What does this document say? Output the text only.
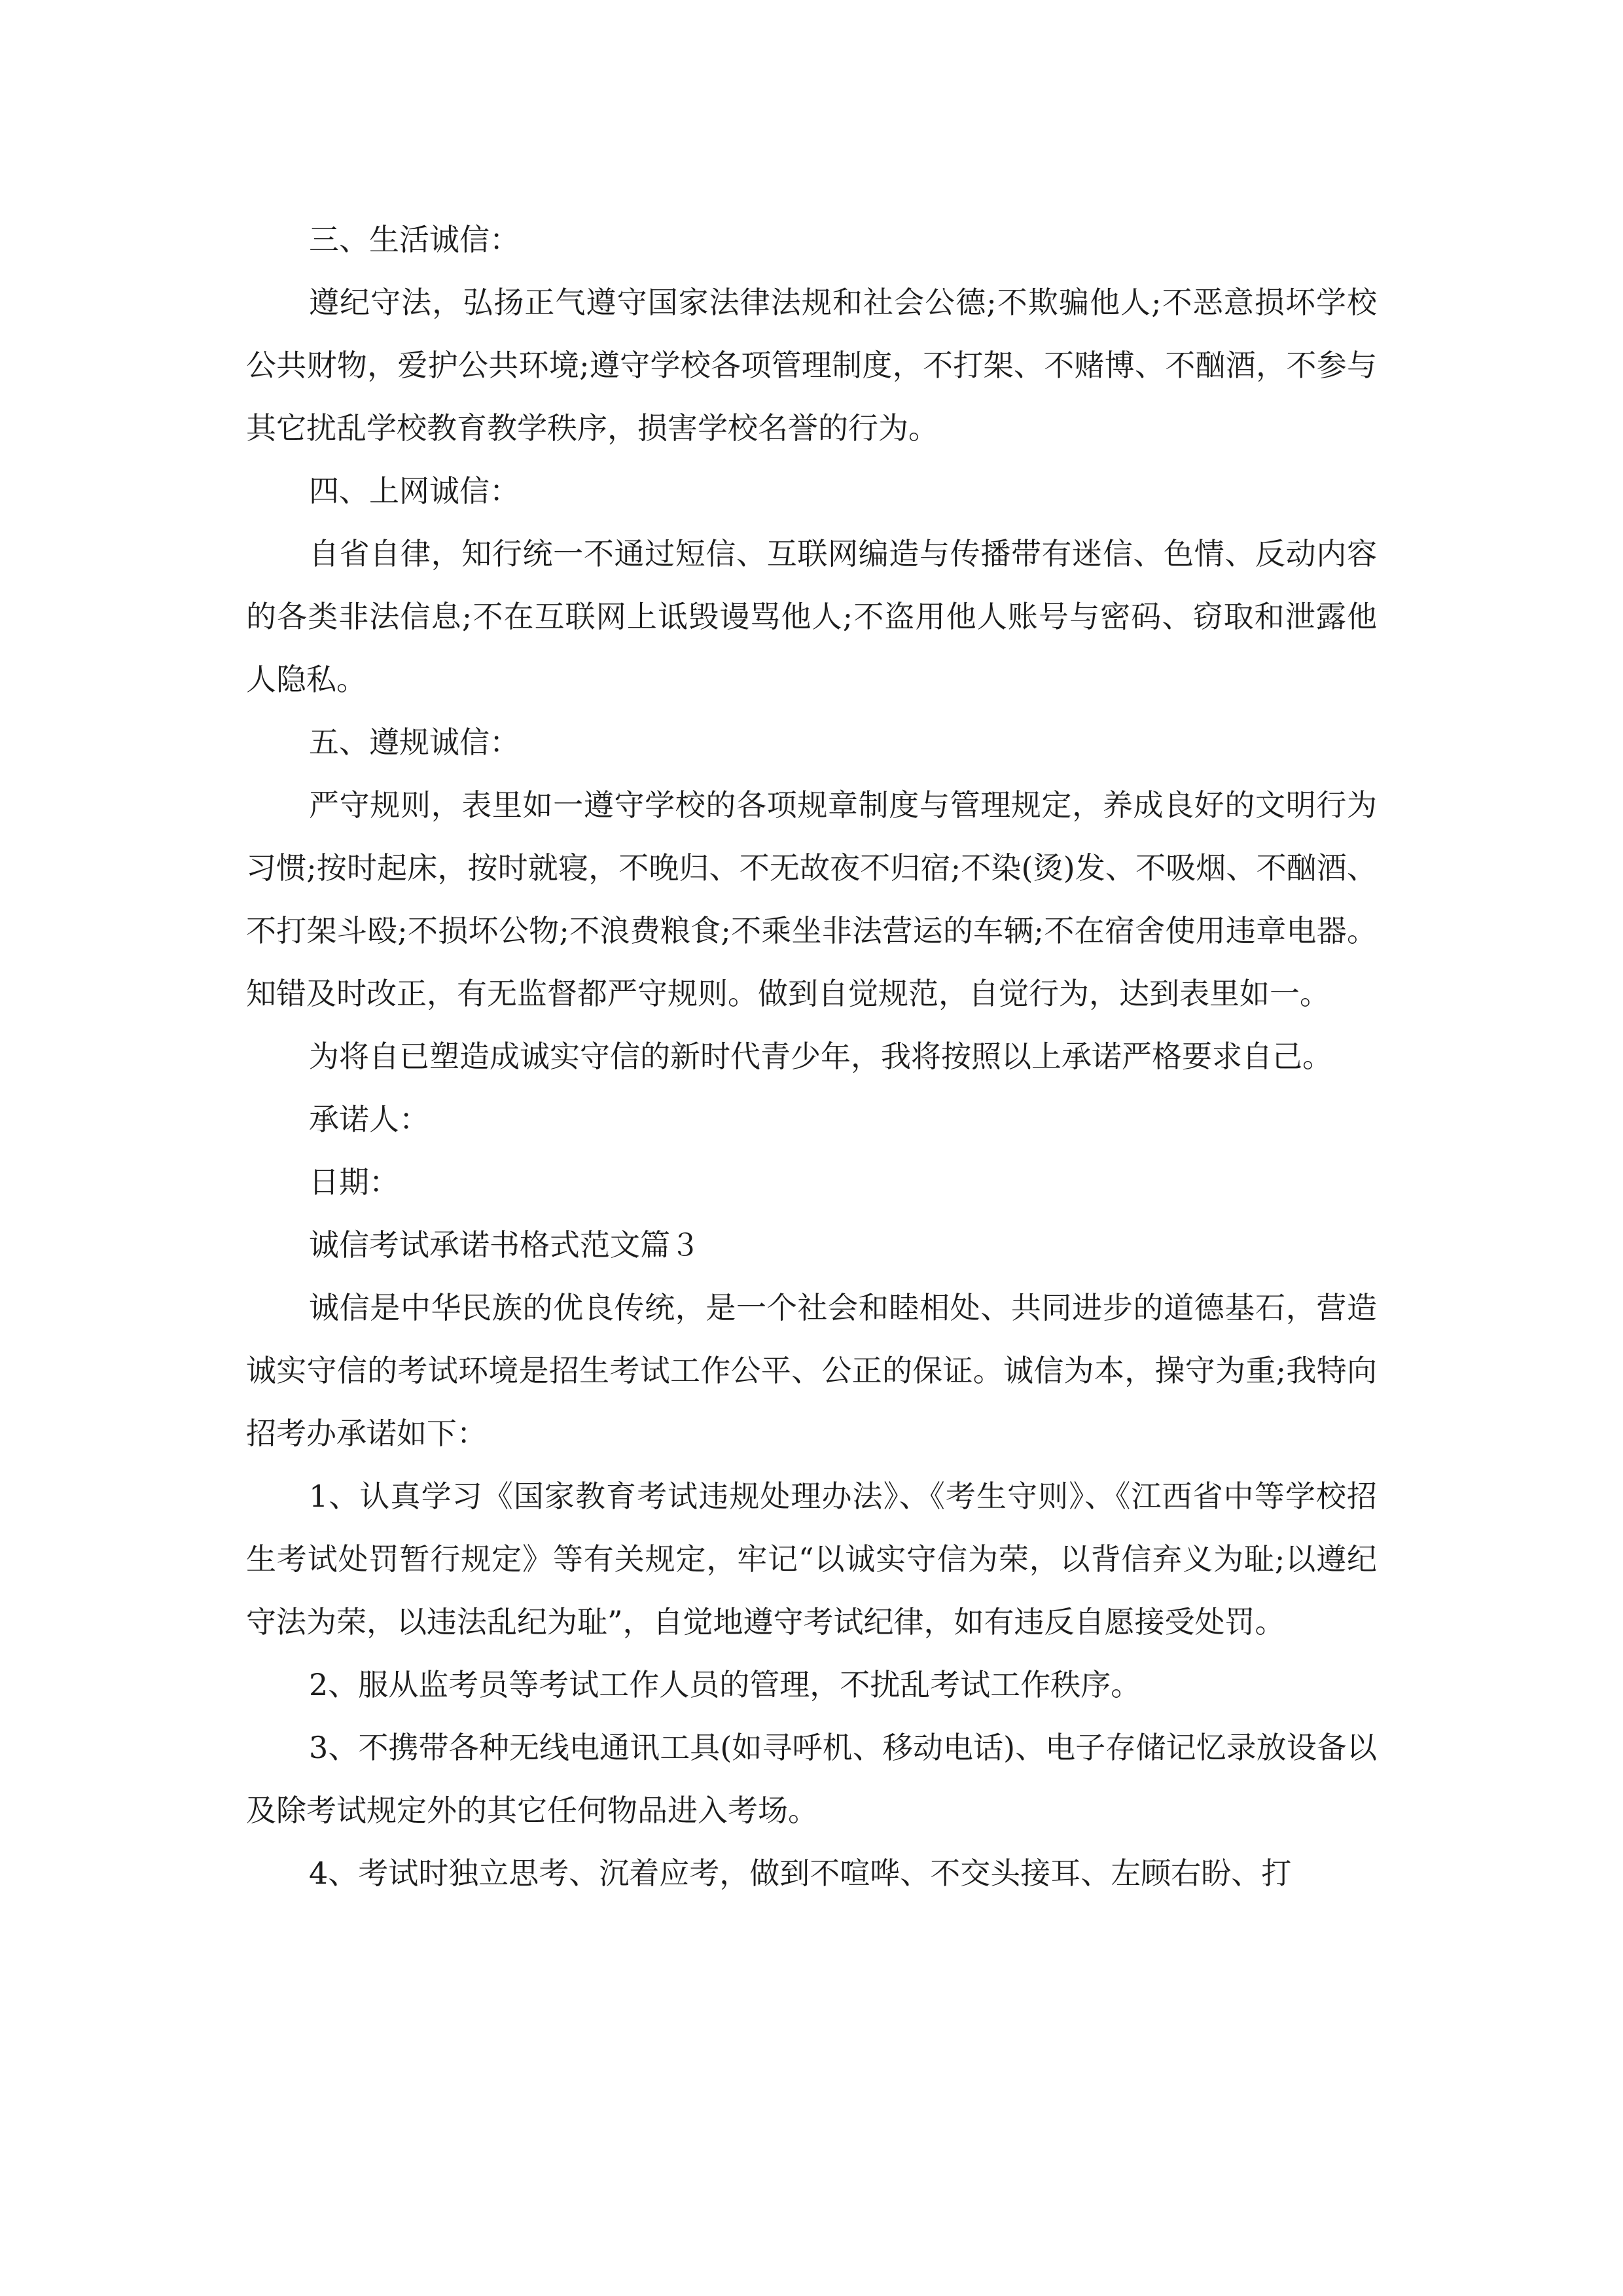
三、生活诚信：

遵纪守法，弘扬正气遵守国家法律法规和社会公德;不欺骗他人;不恶意损坏学校公共财物，爱护公共环境;遵守学校各项管理制度，不打架、不赌博、不酗酒，不参与其它扰乱学校教育教学秩序，损害学校名誉的行为。

四、上网诚信：

自省自律，知行统一不通过短信、互联网编造与传播带有迷信、色情、反动内容的各类非法信息;不在互联网上诋毁谩骂他人;不盗用他人账号与密码、窃取和泄露他人隐私。

五、遵规诚信：

严守规则，表里如一遵守学校的各项规章制度与管理规定，养成良好的文明行为习惯;按时起床，按时就寝，不晚归、不无故夜不归宿;不染(烫)发、不吸烟、不酗酒、不打架斗殴;不损坏公物;不浪费粮食;不乘坐非法营运的车辆;不在宿舍使用违章电器。知错及时改正，有无监督都严守规则。做到自觉规范，自觉行为，达到表里如一。

为将自已塑造成诚实守信的新时代青少年，我将按照以上承诺严格要求自己。

承诺人：

日期：

诚信考试承诺书格式范文篇３

诚信是中华民族的优良传统，是一个社会和睦相处、共同进步的道德基石，营造诚实守信的考试环境是招生考试工作公平、公正的保证。诚信为本，操守为重;我特向招考办承诺如下：

1、认真学习《国家教育考试违规处理办法》、《考生守则》、《江西省中等学校招生考试处罚暂行规定》等有关规定，牢记“以诚实守信为荣，以背信弃义为耻;以遵纪守法为荣，以违法乱纪为耻”，自觉地遵守考试纪律，如有违反自愿接受处罚。

2、服从监考员等考试工作人员的管理，不扰乱考试工作秩序。

3、不携带各种无线电通讯工具(如寻呼机、移动电话)、电子存储记忆录放设备以及除考试规定外的其它任何物品进入考场。

4、考试时独立思考、沉着应考，做到不喧哗、不交头接耳、左顾右盼、打
